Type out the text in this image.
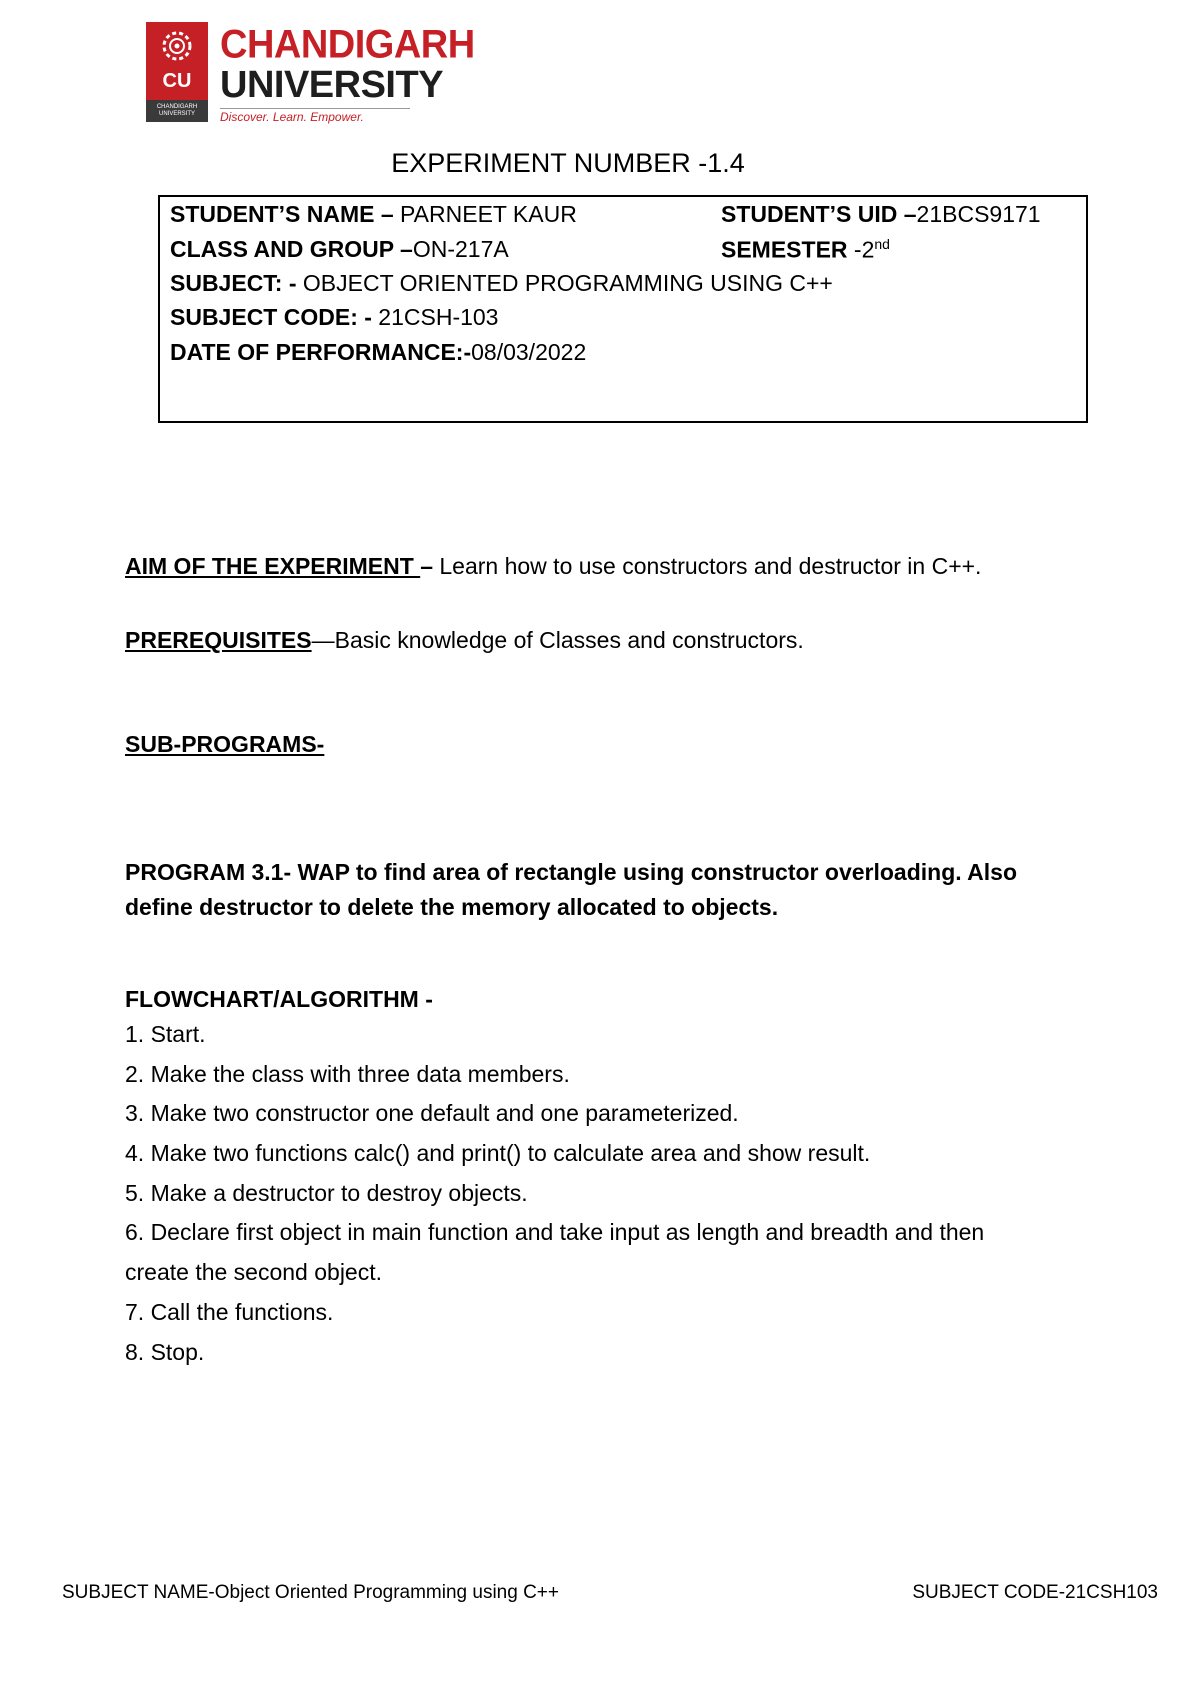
CU
CHANDIGARH UNIVERSITY
CHANDIGARH
UNIVERSITY
Discover. Learn. Empower.
EXPERIMENT NUMBER -1.4
STUDENT’S NAME – PARNEET KAUR	STUDENT’S UID –21BCS9171
CLASS AND GROUP –ON-217A	SEMESTER -2nd
SUBJECT: - OBJECT ORIENTED PROGRAMMING USING C++
SUBJECT CODE: - 21CSH-103
DATE OF PERFORMANCE:-08/03/2022
AIM OF THE EXPERIMENT – Learn how to use constructors and destructor in C++.
PREREQUISITES—Basic knowledge of Classes and constructors.
SUB-PROGRAMS-
PROGRAM 3.1- WAP to find area of rectangle using constructor overloading. Also
define destructor to delete the memory allocated to objects.
FLOWCHART/ALGORITHM -
1. Start.
2. Make the class with three data members.
3. Make two constructor one default and one parameterized.
4. Make two functions calc() and print() to calculate area and show result.
5. Make a destructor to destroy objects.
6. Declare first object in main function and take input as length and breadth and then
create the second object.
7. Call the functions.
8. Stop.
SUBJECT NAME-Object Oriented Programming using C++	SUBJECT CODE-21CSH103
